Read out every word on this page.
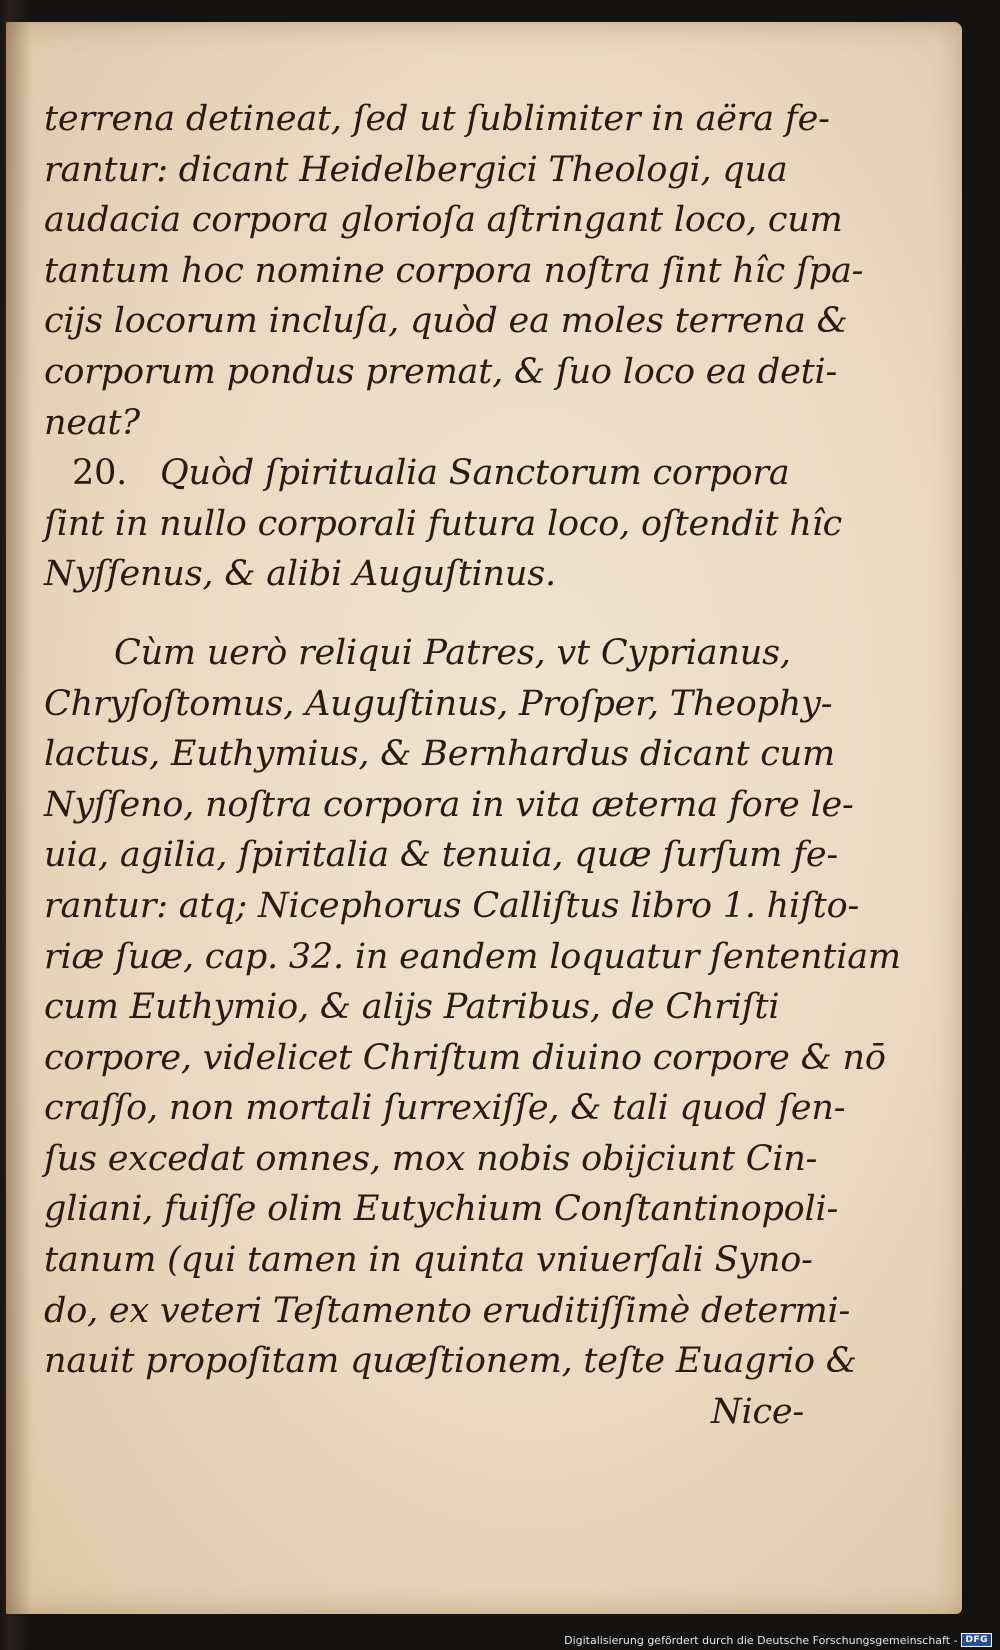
terrena detineat, ſed ut ſublimiter in aëra fe-
rantur: dicant Heidelbergici Theologi, qua
audacia corpora glorioſa aſtringant loco, cum
tantum hoc nomine corpora noſtra ſint hîc ſpa-
cijs locorum incluſa, quòd ea moles terrena &
corporum pondus premat, & ſuo loco ea deti-
neat?
20. Quòd ſpiritualia Sanctorum corpora
ſint in nullo corporali futura loco, oſtendit hîc
Nyſſenus, & alibi Auguſtinus.
Cùm uerò reliqui Patres, vt Cyprianus,
Chryſoſtomus, Auguſtinus, Proſper, Theophy-
lactus, Euthymius, & Bernhardus dicant cum
Nyſſeno, noſtra corpora in vita æterna fore le-
uia, agilia, ſpiritalia & tenuia, quæ ſurſum fe-
rantur: atq; Nicephorus Calliſtus libro 1. hiſto-
riæ ſuæ, cap. 32. in eandem loquatur ſententiam
cum Euthymio, & alijs Patribus, de Chriſti
corpore, videlicet Chriſtum diuino corpore & nō
craſſo, non mortali ſurrexiſſe, & tali quod ſen-
ſus excedat omnes, mox nobis obijciunt Cin-
gliani, fuiſſe olim Eutychium Conſtantinopoli-
tanum (qui tamen in quinta vniuerſali Syno-
do, ex veteri Teſtamento eruditiſſimè determi-
nauit propoſitam quæſtionem, teſte Euagrio &
Nice-
Digitalisierung gefördert durch die Deutsche Forschungsgemeinschaft - DFG
